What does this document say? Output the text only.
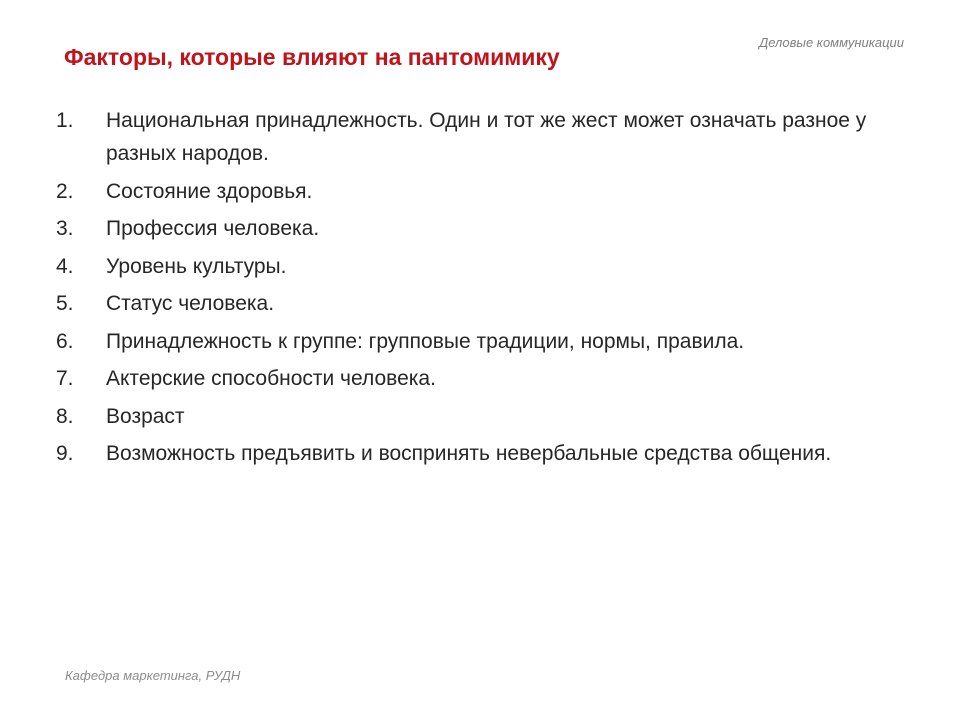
Деловые коммуникации
Факторы, которые влияют на пантомимику
1.	Национальная принадлежность. Один и тот же жест может означать разное у разных народов.
2.	Состояние здоровья.
3.	Профессия человека.
4.	Уровень культуры.
5.	Статус человека.
6.	Принадлежность к группе: групповые традиции, нормы, правила.
7.	Актерские способности человека.
8.	Возраст
9.	Возможность предъявить и воспринять невербальные средства общения.
Кафедра маркетинга, РУДН
